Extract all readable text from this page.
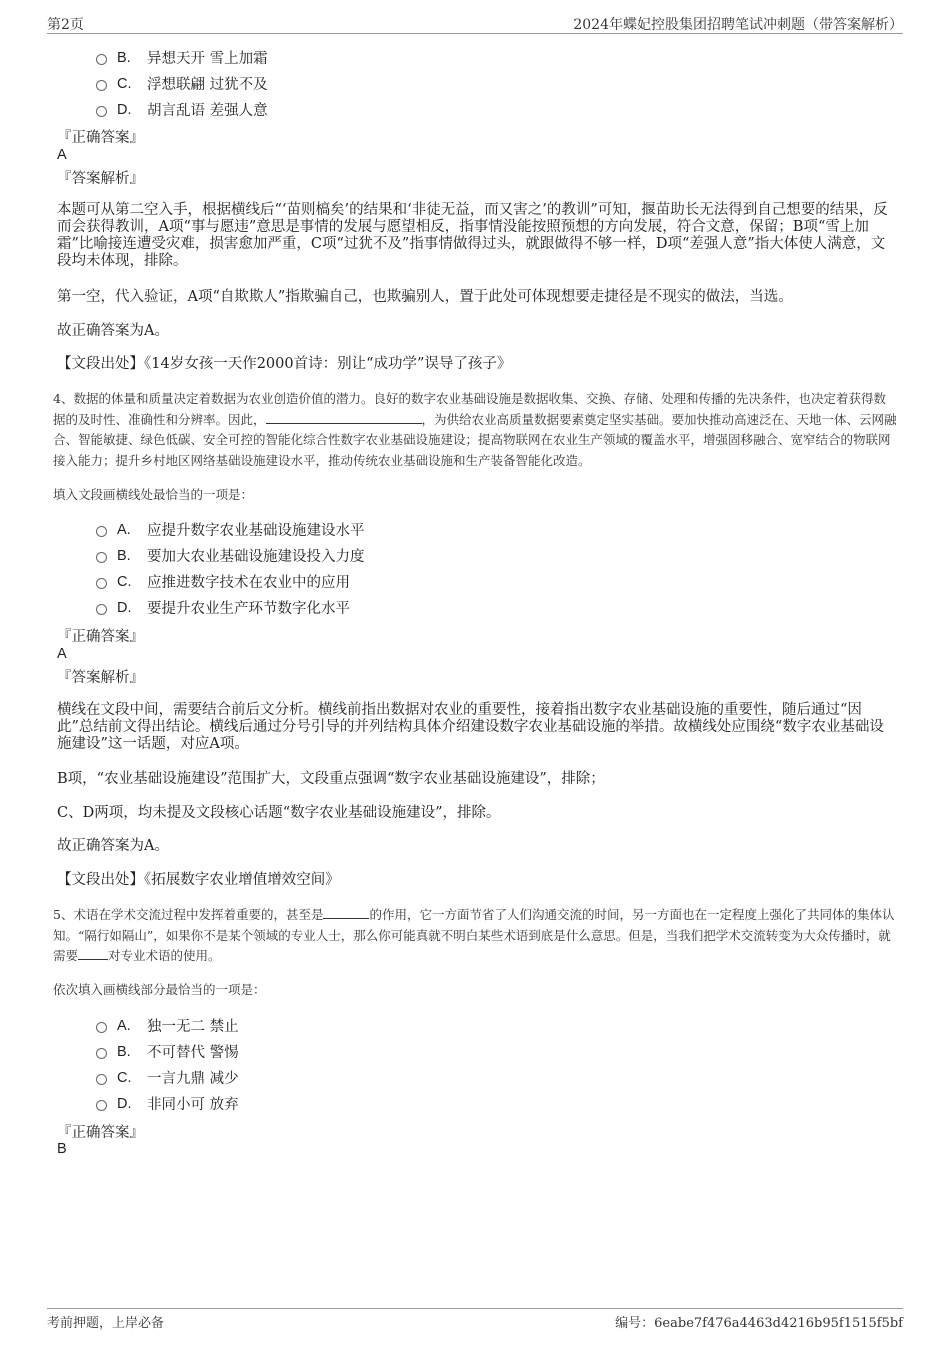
第2页	2024年蝶妃控股集团招聘笔试冲刺题（带答案解析）
B.	异想天开 雪上加霜
C.	浮想联翩 过犹不及
D.	胡言乱语 差强人意
『正确答案』
A
『答案解析』
本题可从第二空入手，根据横线后“‘苗则槁矣’的结果和‘非徒无益，而又害之’的教训”可知，揠苗助长无法得到自己想要的结果，反而会获得教训，A项“事与愿违”意思是事情的发展与愿望相反，指事情没能按照预想的方向发展，符合文意，保留；B项“雪上加霜”比喻接连遭受灾难，损害愈加严重，C项“过犹不及”指事情做得过头，就跟做得不够一样，D项“差强人意”指大体使人满意，文段均未体现，排除。
第一空，代入验证，A项“自欺欺人”指欺骗自己，也欺骗别人，置于此处可体现想要走捷径是不现实的做法，当选。
故正确答案为A。
【文段出处】《14岁女孩一天作2000首诗：别让“成功学”误导了孩子》
4、数据的体量和质量决定着数据为农业创造价值的潜力。良好的数字农业基础设施是数据收集、交换、存储、处理和传播的先决条件，也决定着获得数据的及时性、准确性和分辨率。因此，	，为供给农业高质量数据要素奠定坚实基础。要加快推动高速泛在、天地一体、云网融合、智能敏捷、绿色低碳、安全可控的智能化综合性数字农业基础设施建设；提高物联网在农业生产领域的覆盖水平，增强固移融合、宽窄结合的物联网接入能力；提升乡村地区网络基础设施建设水平，推动传统农业基础设施和生产装备智能化改造。
填入文段画横线处最恰当的一项是：
A.	应提升数字农业基础设施建设水平
B.	要加大农业基础设施建设投入力度
C.	应推进数字技术在农业中的应用
D.	要提升农业生产环节数字化水平
『正确答案』
A
『答案解析』
横线在文段中间，需要结合前后文分析。横线前指出数据对农业的重要性，接着指出数字农业基础设施的重要性，随后通过“因此”总结前文得出结论。横线后通过分号引导的并列结构具体介绍建设数字农业基础设施的举措。故横线处应围绕“数字农业基础设施建设”这一话题，对应A项。
B项，“农业基础设施建设”范围扩大，文段重点强调“数字农业基础设施建设”，排除；
C、D两项，均未提及文段核心话题“数字农业基础设施建设”，排除。
故正确答案为A。
【文段出处】《拓展数字农业增值增效空间》
5、术语在学术交流过程中发挥着重要的，甚至是	的作用，它一方面节省了人们沟通交流的时间，另一方面也在一定程度上强化了共同体的集体认知。“隔行如隔山”，如果你不是某个领域的专业人士，那么你可能真就不明白某些术语到底是什么意思。但是，当我们把学术交流转变为大众传播时，就需要 对专业术语的使用。
依次填入画横线部分最恰当的一项是：
A.	独一无二 禁止
B.	不可替代 警惕
C.	一言九鼎 减少
D.	非同小可 放弃
『正确答案』
B
考前押题，上岸必备	编号：6eabe7f476a4463d4216b95f1515f5bf
